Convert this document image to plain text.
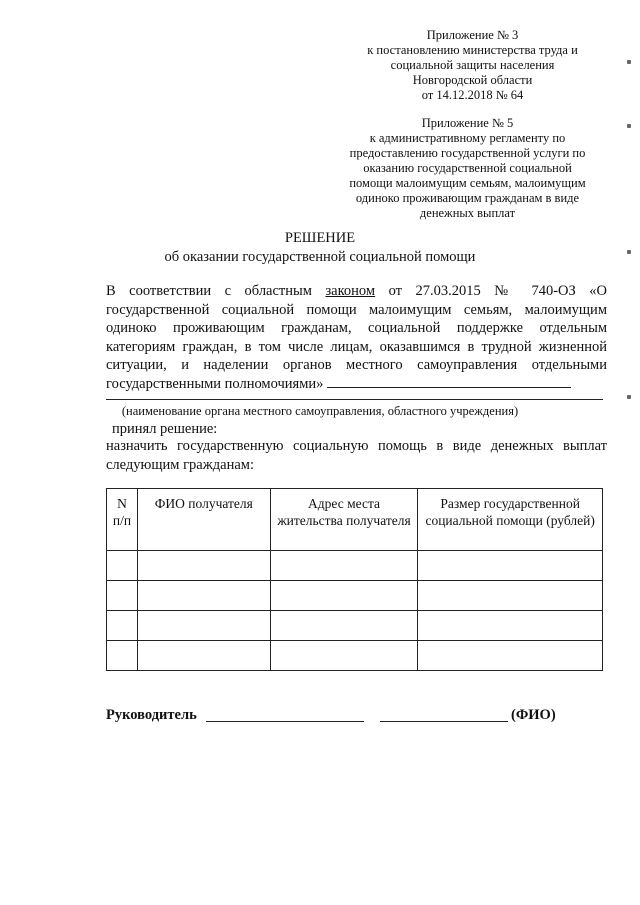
Приложение № 3
к постановлению министерства труда и
социальной защиты населения
Новгородской области
от 14.12.2018 № 64
Приложение № 5
к административному регламенту по
предоставлению государственной услуги по
оказанию государственной социальной
помощи малоимущим семьям, малоимущим
одиноко проживающим гражданам в виде
денежных выплат
РЕШЕНИЕ
об оказании государственной социальной помощи
В соответствии с областным законом от 27.03.2015 № 740-ОЗ «О государственной социальной помощи малоимущим семьям, малоимущим одиноко проживающим гражданам, социальной поддержке отдельным категориям граждан, в том числе лицам, оказавшимся в трудной жизненной ситуации, и наделении органов местного самоуправления отдельными государственными полномочиями»
(наименование органа местного самоуправления, областного учреждения)
принял решение:
назначить государственную социальную помощь в виде денежных выплат следующим гражданам:
N п/п	ФИО получателя	Адрес места жительства получателя	Размер государственной социальной помощи (рублей)

Руководитель	(ФИО)
